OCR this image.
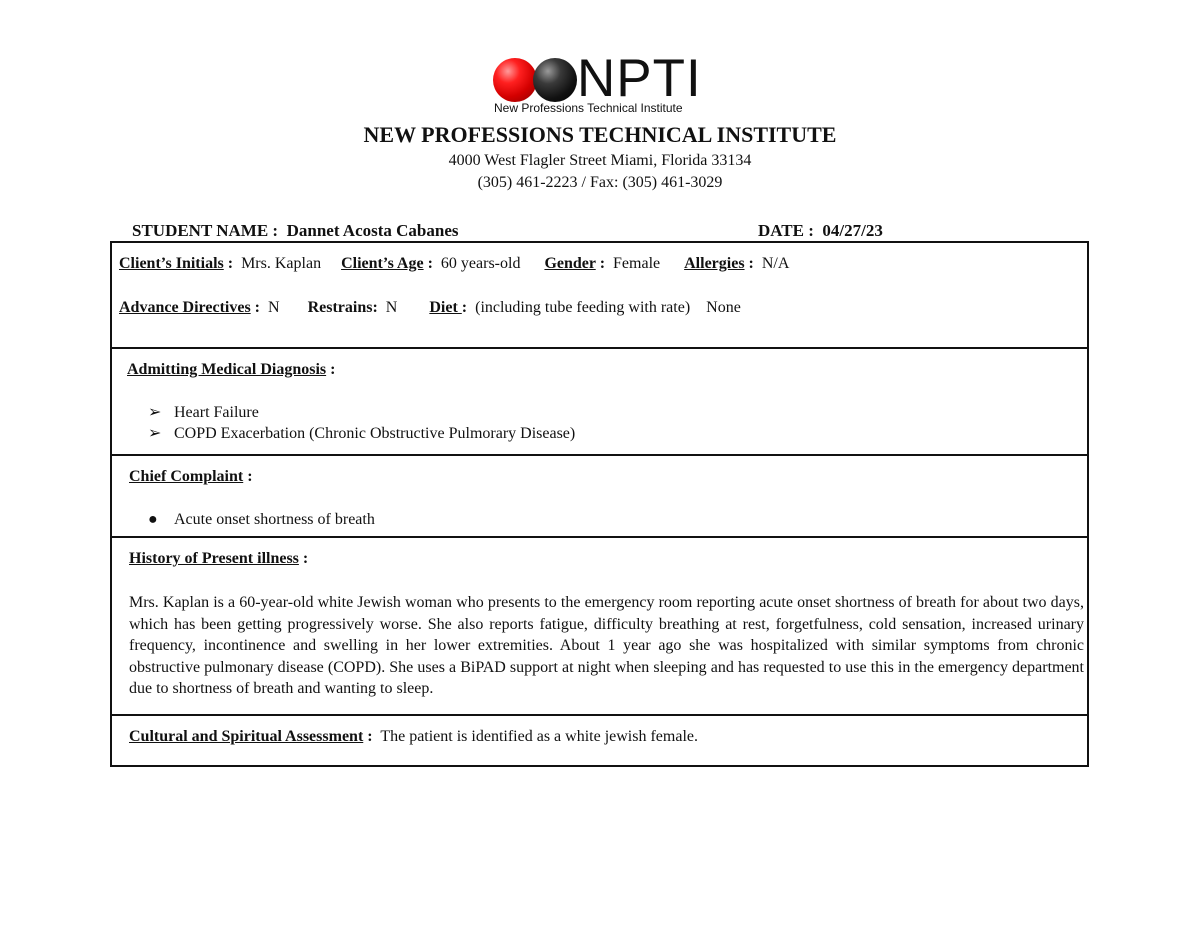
NPTI
New Professions Technical Institute
NEW PROFESSIONS TECHNICAL INSTITUTE
4000 West Flagler Street Miami, Florida 33134
(305) 461-2223 / Fax: (305) 461-3029
STUDENT NAME : Dannet Acosta Cabanes	DATE : 04/27/23
Client’s Initials : Mrs. Kaplan Client’s Age : 60 years-old Gender : Female Allergies : N/A
Advance Directives : N Restrains: N Diet : (including tube feeding with rate) None
Admitting Medical Diagnosis :
➢ Heart Failure
➢ COPD Exacerbation (Chronic Obstructive Pulmorary Disease)
Chief Complaint :
● Acute onset shortness of breath
History of Present illness :
Mrs. Kaplan is a 60-year-old white Jewish woman who presents to the emergency room reporting acute onset shortness of breath for about two days, which has been getting progressively worse. She also reports fatigue, difficulty breathing at rest, forgetfulness, cold sensation, increased urinary frequency, incontinence and swelling in her lower extremities. About 1 year ago she was hospitalized with similar symptoms from chronic obstructive pulmonary disease (COPD). She uses a BiPAD support at night when sleeping and has requested to use this in the emergency department due to shortness of breath and wanting to sleep.
Cultural and Spiritual Assessment : The patient is identified as a white jewish female.
